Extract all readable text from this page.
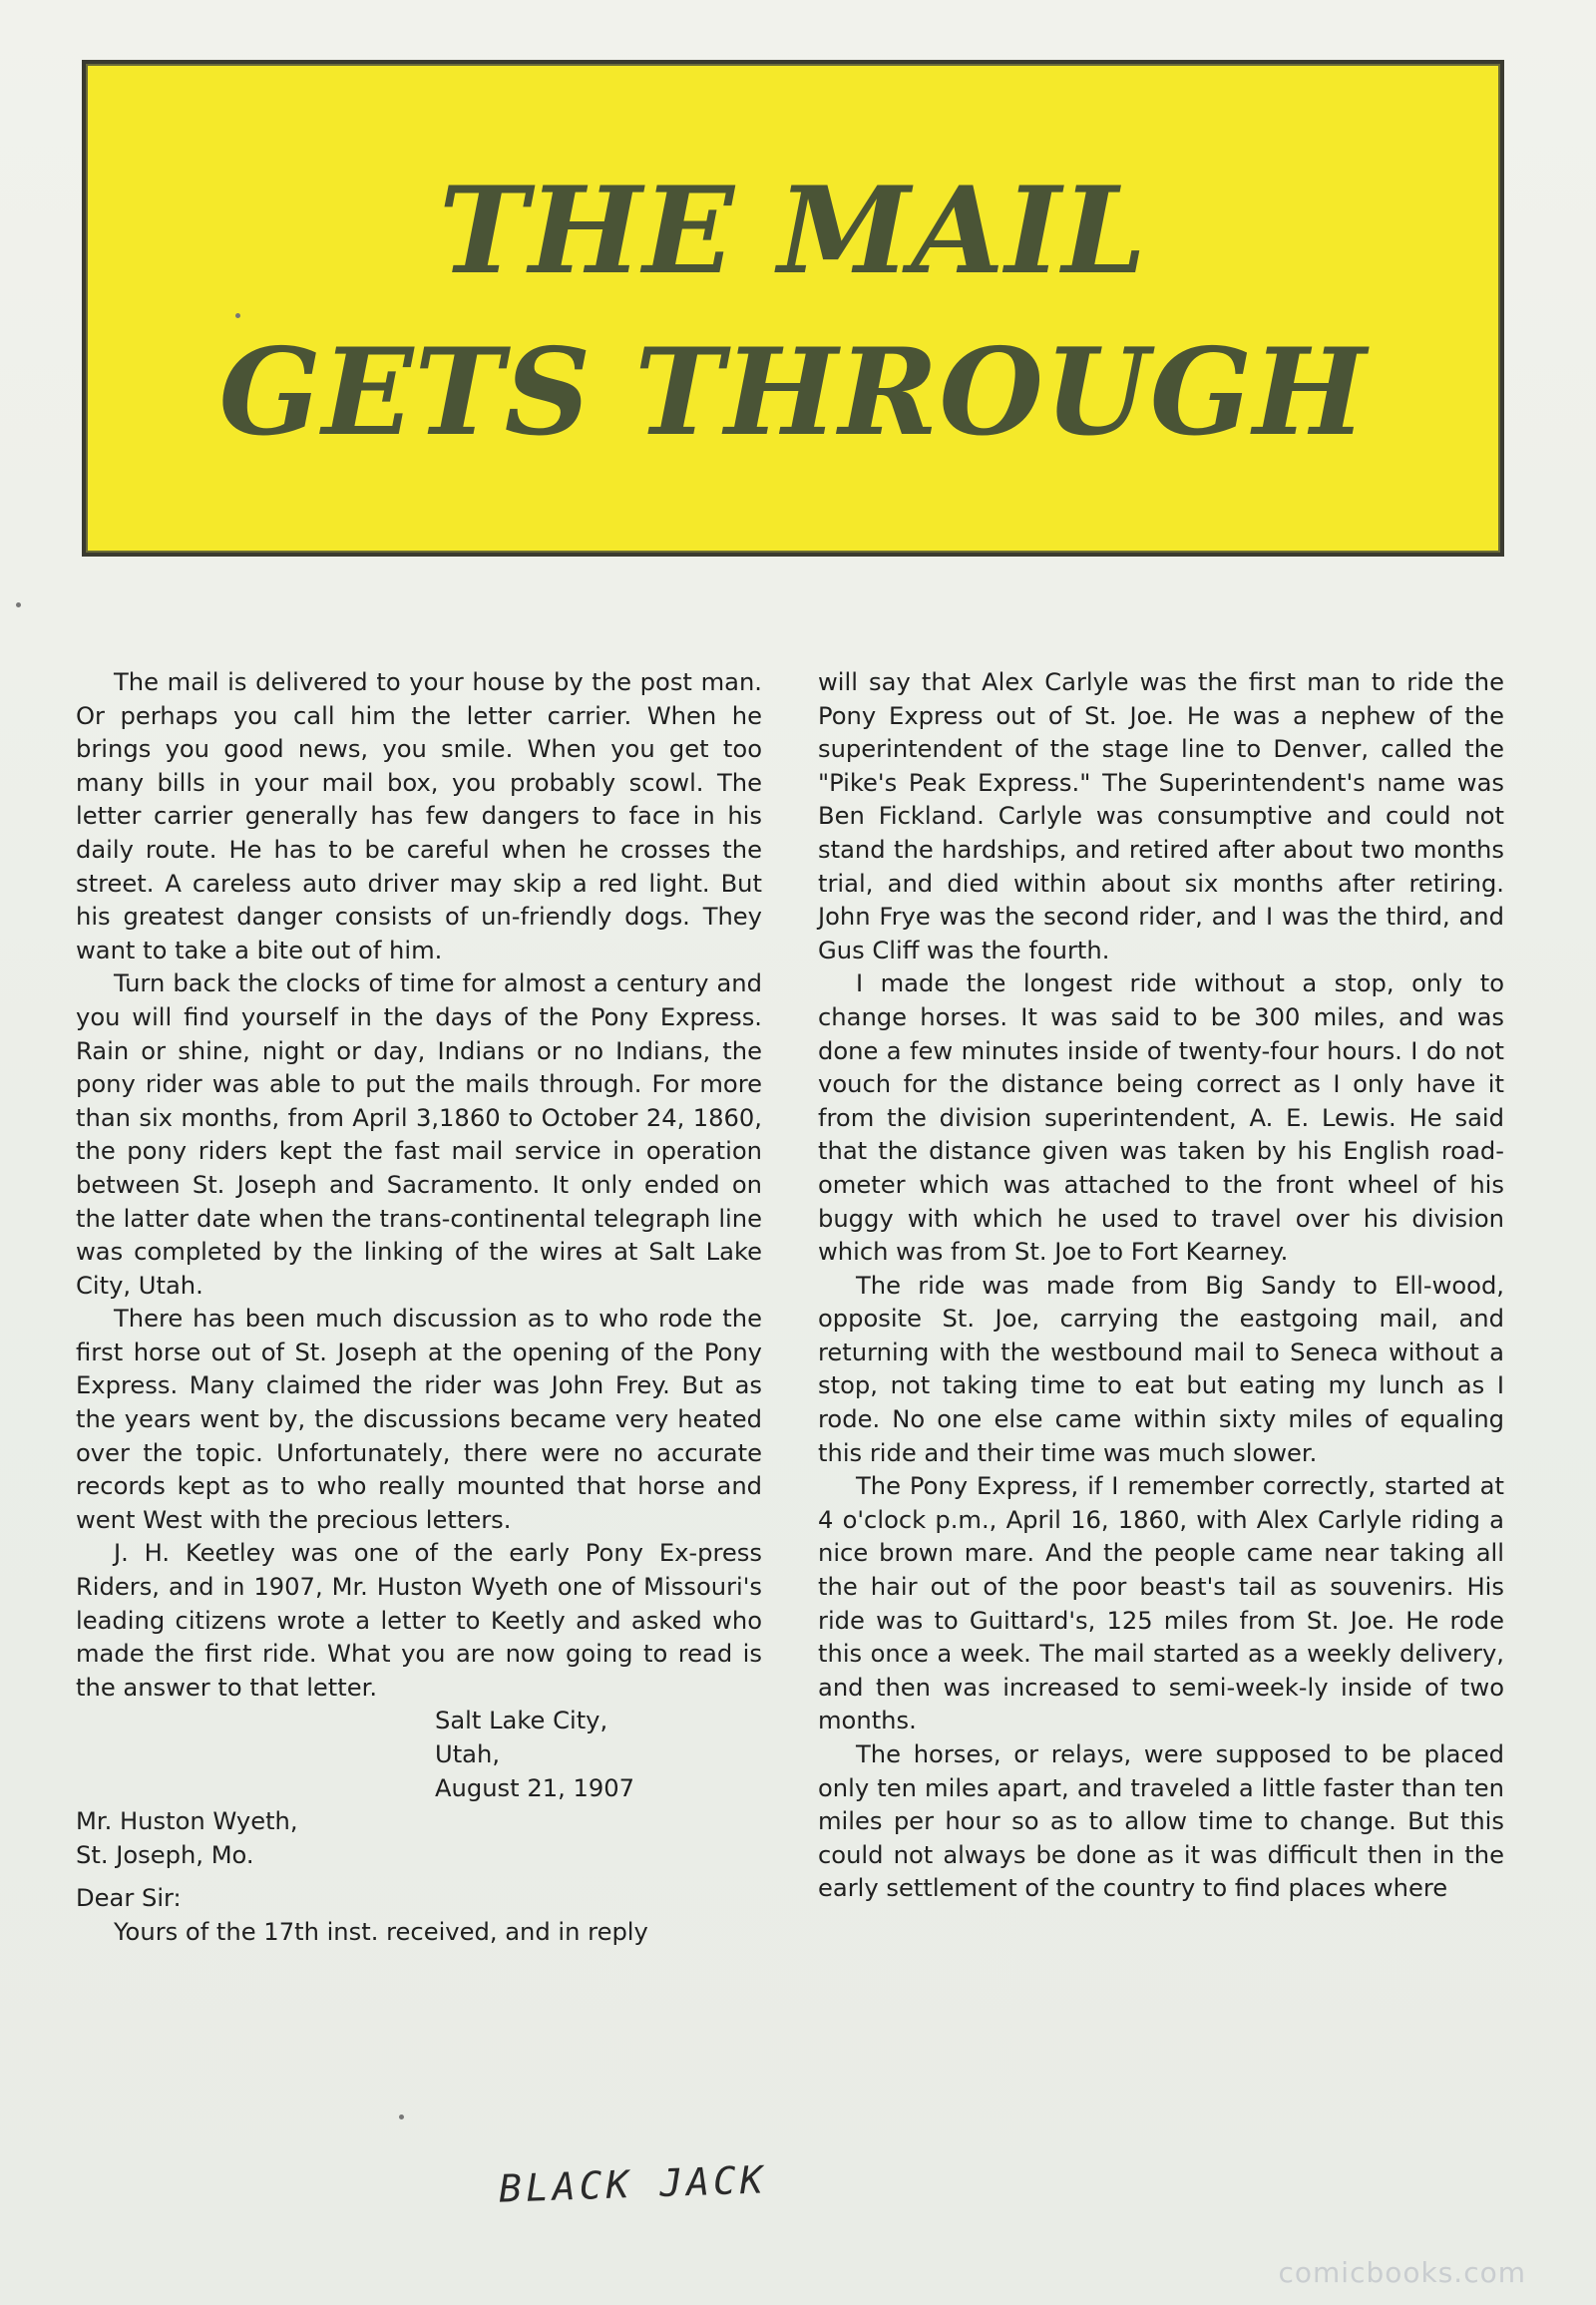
THE MAIL
GETS THROUGH

The mail is delivered to your house by the post man. Or perhaps you call him the letter carrier. When he brings you good news, you smile. When you get too many bills in your mail box, you probably scowl. The letter carrier generally has few dangers to face in his daily route. He has to be careful when he crosses the street. A careless auto driver may skip a red light. But his greatest danger consists of un-friendly dogs. They want to take a bite out of him.

Turn back the clocks of time for almost a century and you will find yourself in the days of the Pony Express. Rain or shine, night or day, Indians or no Indians, the pony rider was able to put the mails through. For more than six months, from April 3,1860 to October 24, 1860, the pony riders kept the fast mail service in operation between St. Joseph and Sacramento. It only ended on the latter date when the trans-continental telegraph line was completed by the linking of the wires at Salt Lake City, Utah.

There has been much discussion as to who rode the first horse out of St. Joseph at the opening of the Pony Express. Many claimed the rider was John Frey. But as the years went by, the discussions became very heated over the topic. Unfortunately, there were no accurate records kept as to who really mounted that horse and went West with the precious letters.

J. H. Keetley was one of the early Pony Ex-press Riders, and in 1907, Mr. Huston Wyeth one of Missouri's leading citizens wrote a letter to Keetly and asked who made the first ride. What you are now going to read is the answer to that letter.

Salt Lake City,

Utah,

August 21, 1907

Mr. Huston Wyeth,

St. Joseph, Mo.

Dear Sir:

Yours of the 17th inst. received, and in reply

will say that Alex Carlyle was the first man to ride the Pony Express out of St. Joe. He was a nephew of the superintendent of the stage line to Denver, called the "Pike's Peak Express." The Superintendent's name was Ben Fickland. Carlyle was consumptive and could not stand the hardships, and retired after about two months trial, and died within about six months after retiring. John Frye was the second rider, and I was the third, and Gus Cliff was the fourth.

I made the longest ride without a stop, only to change horses. It was said to be 300 miles, and was done a few minutes inside of twenty-four hours. I do not vouch for the distance being correct as I only have it from the division superintendent, A. E. Lewis. He said that the distance given was taken by his English road-ometer which was attached to the front wheel of his buggy with which he used to travel over his division which was from St. Joe to Fort Kearney.

The ride was made from Big Sandy to Ell-wood, opposite St. Joe, carrying the eastgoing mail, and returning with the westbound mail to Seneca without a stop, not taking time to eat but eating my lunch as I rode. No one else came within sixty miles of equaling this ride and their time was much slower.

The Pony Express, if I remember correctly, started at 4 o'clock p.m., April 16, 1860, with Alex Carlyle riding a nice brown mare. And the people came near taking all the hair out of the poor beast's tail as souvenirs. His ride was to Guittard's, 125 miles from St. Joe. He rode this once a week. The mail started as a weekly delivery, and then was increased to semi-week-ly inside of two months.

The horses, or relays, were supposed to be placed only ten miles apart, and traveled a little faster than ten miles per hour so as to allow time to change. But this could not always be done as it was difficult then in the early settlement of the country to find places where

BLACK JACK
comicbooks.com
